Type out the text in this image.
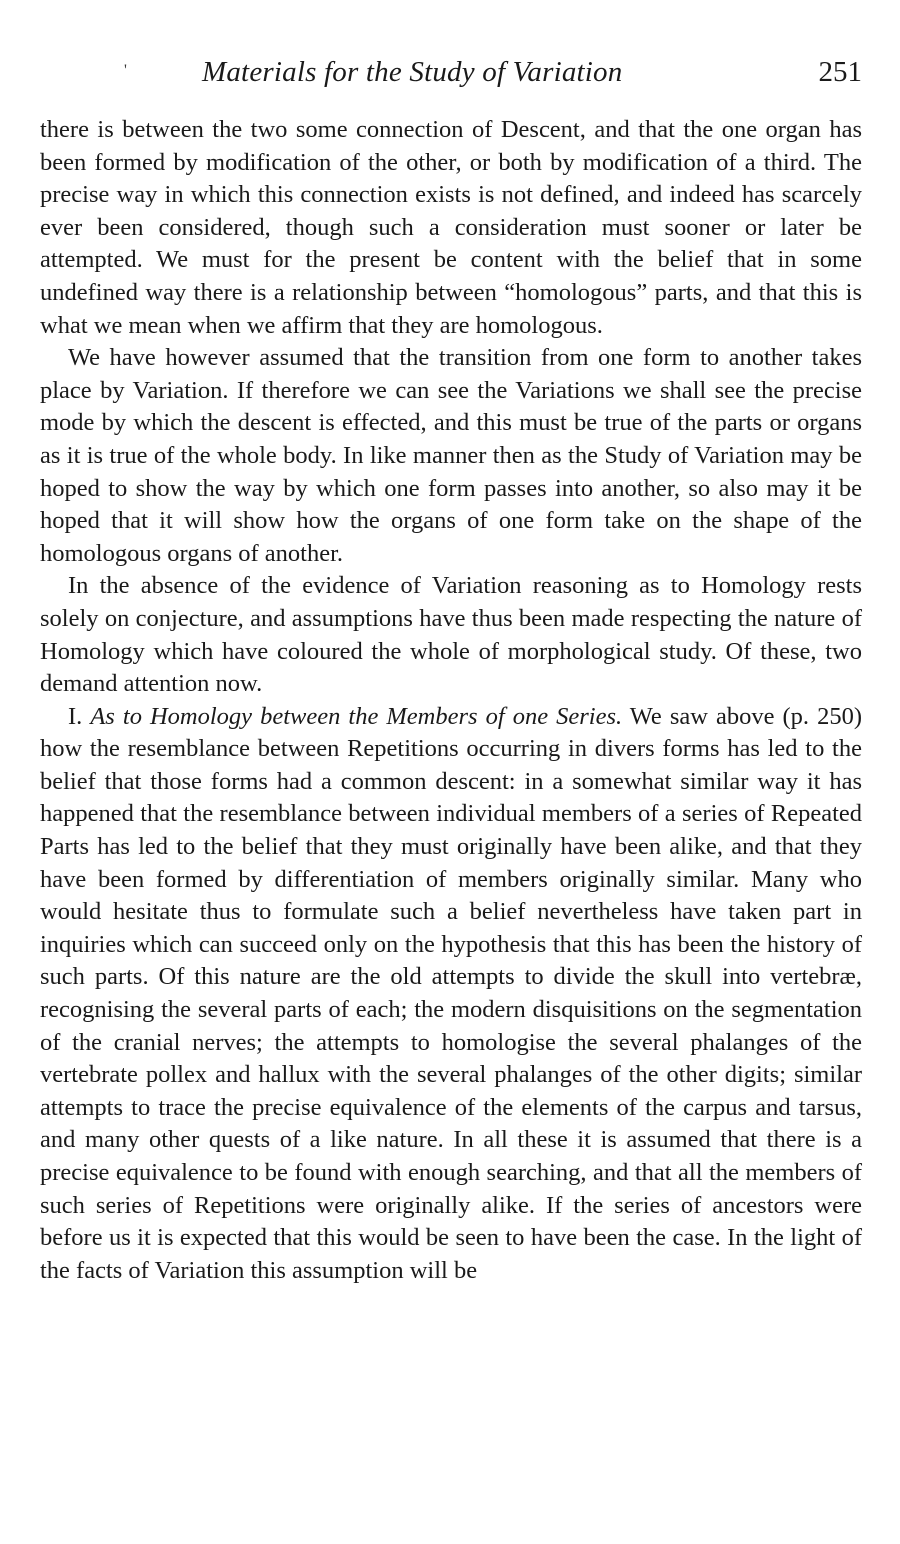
'	Materials for the Study of Variation	251

there is between the two some connection of Descent, and that the one organ has been formed by modification of the other, or both by modification of a third. The precise way in which this connection exists is not defined, and indeed has scarcely ever been considered, though such a consideration must sooner or later be attempted. We must for the present be content with the belief that in some undefined way there is a relationship between “homologous” parts, and that this is what we mean when we affirm that they are homologous.

We have however assumed that the transition from one form to another takes place by Variation. If therefore we can see the Variations we shall see the precise mode by which the descent is effected, and this must be true of the parts or organs as it is true of the whole body. In like manner then as the Study of Variation may be hoped to show the way by which one form passes into another, so also may it be hoped that it will show how the organs of one form take on the shape of the homologous organs of another.

In the absence of the evidence of Variation reasoning as to Homology rests solely on conjecture, and assumptions have thus been made respecting the nature of Homology which have coloured the whole of morphological study. Of these, two demand attention now.

I. As to Homology between the Members of one Series. We saw above (p. 250) how the resemblance between Repetitions occurring in divers forms has led to the belief that those forms had a common descent: in a somewhat similar way it has happened that the resemblance between individual members of a series of Repeated Parts has led to the belief that they must originally have been alike, and that they have been formed by differentiation of members originally similar. Many who would hesitate thus to formulate such a belief nevertheless have taken part in inquiries which can succeed only on the hypothesis that this has been the history of such parts. Of this nature are the old attempts to divide the skull into vertebræ, recognising the several parts of each; the modern disquisitions on the segmentation of the cranial nerves; the attempts to homologise the several phalanges of the vertebrate pollex and hallux with the several phalanges of the other digits; similar attempts to trace the precise equivalence of the elements of the carpus and tarsus, and many other quests of a like nature. In all these it is assumed that there is a precise equivalence to be found with enough searching, and that all the members of such series of Repetitions were originally alike. If the series of ancestors were before us it is expected that this would be seen to have been the case. In the light of the facts of Variation this assumption will be
